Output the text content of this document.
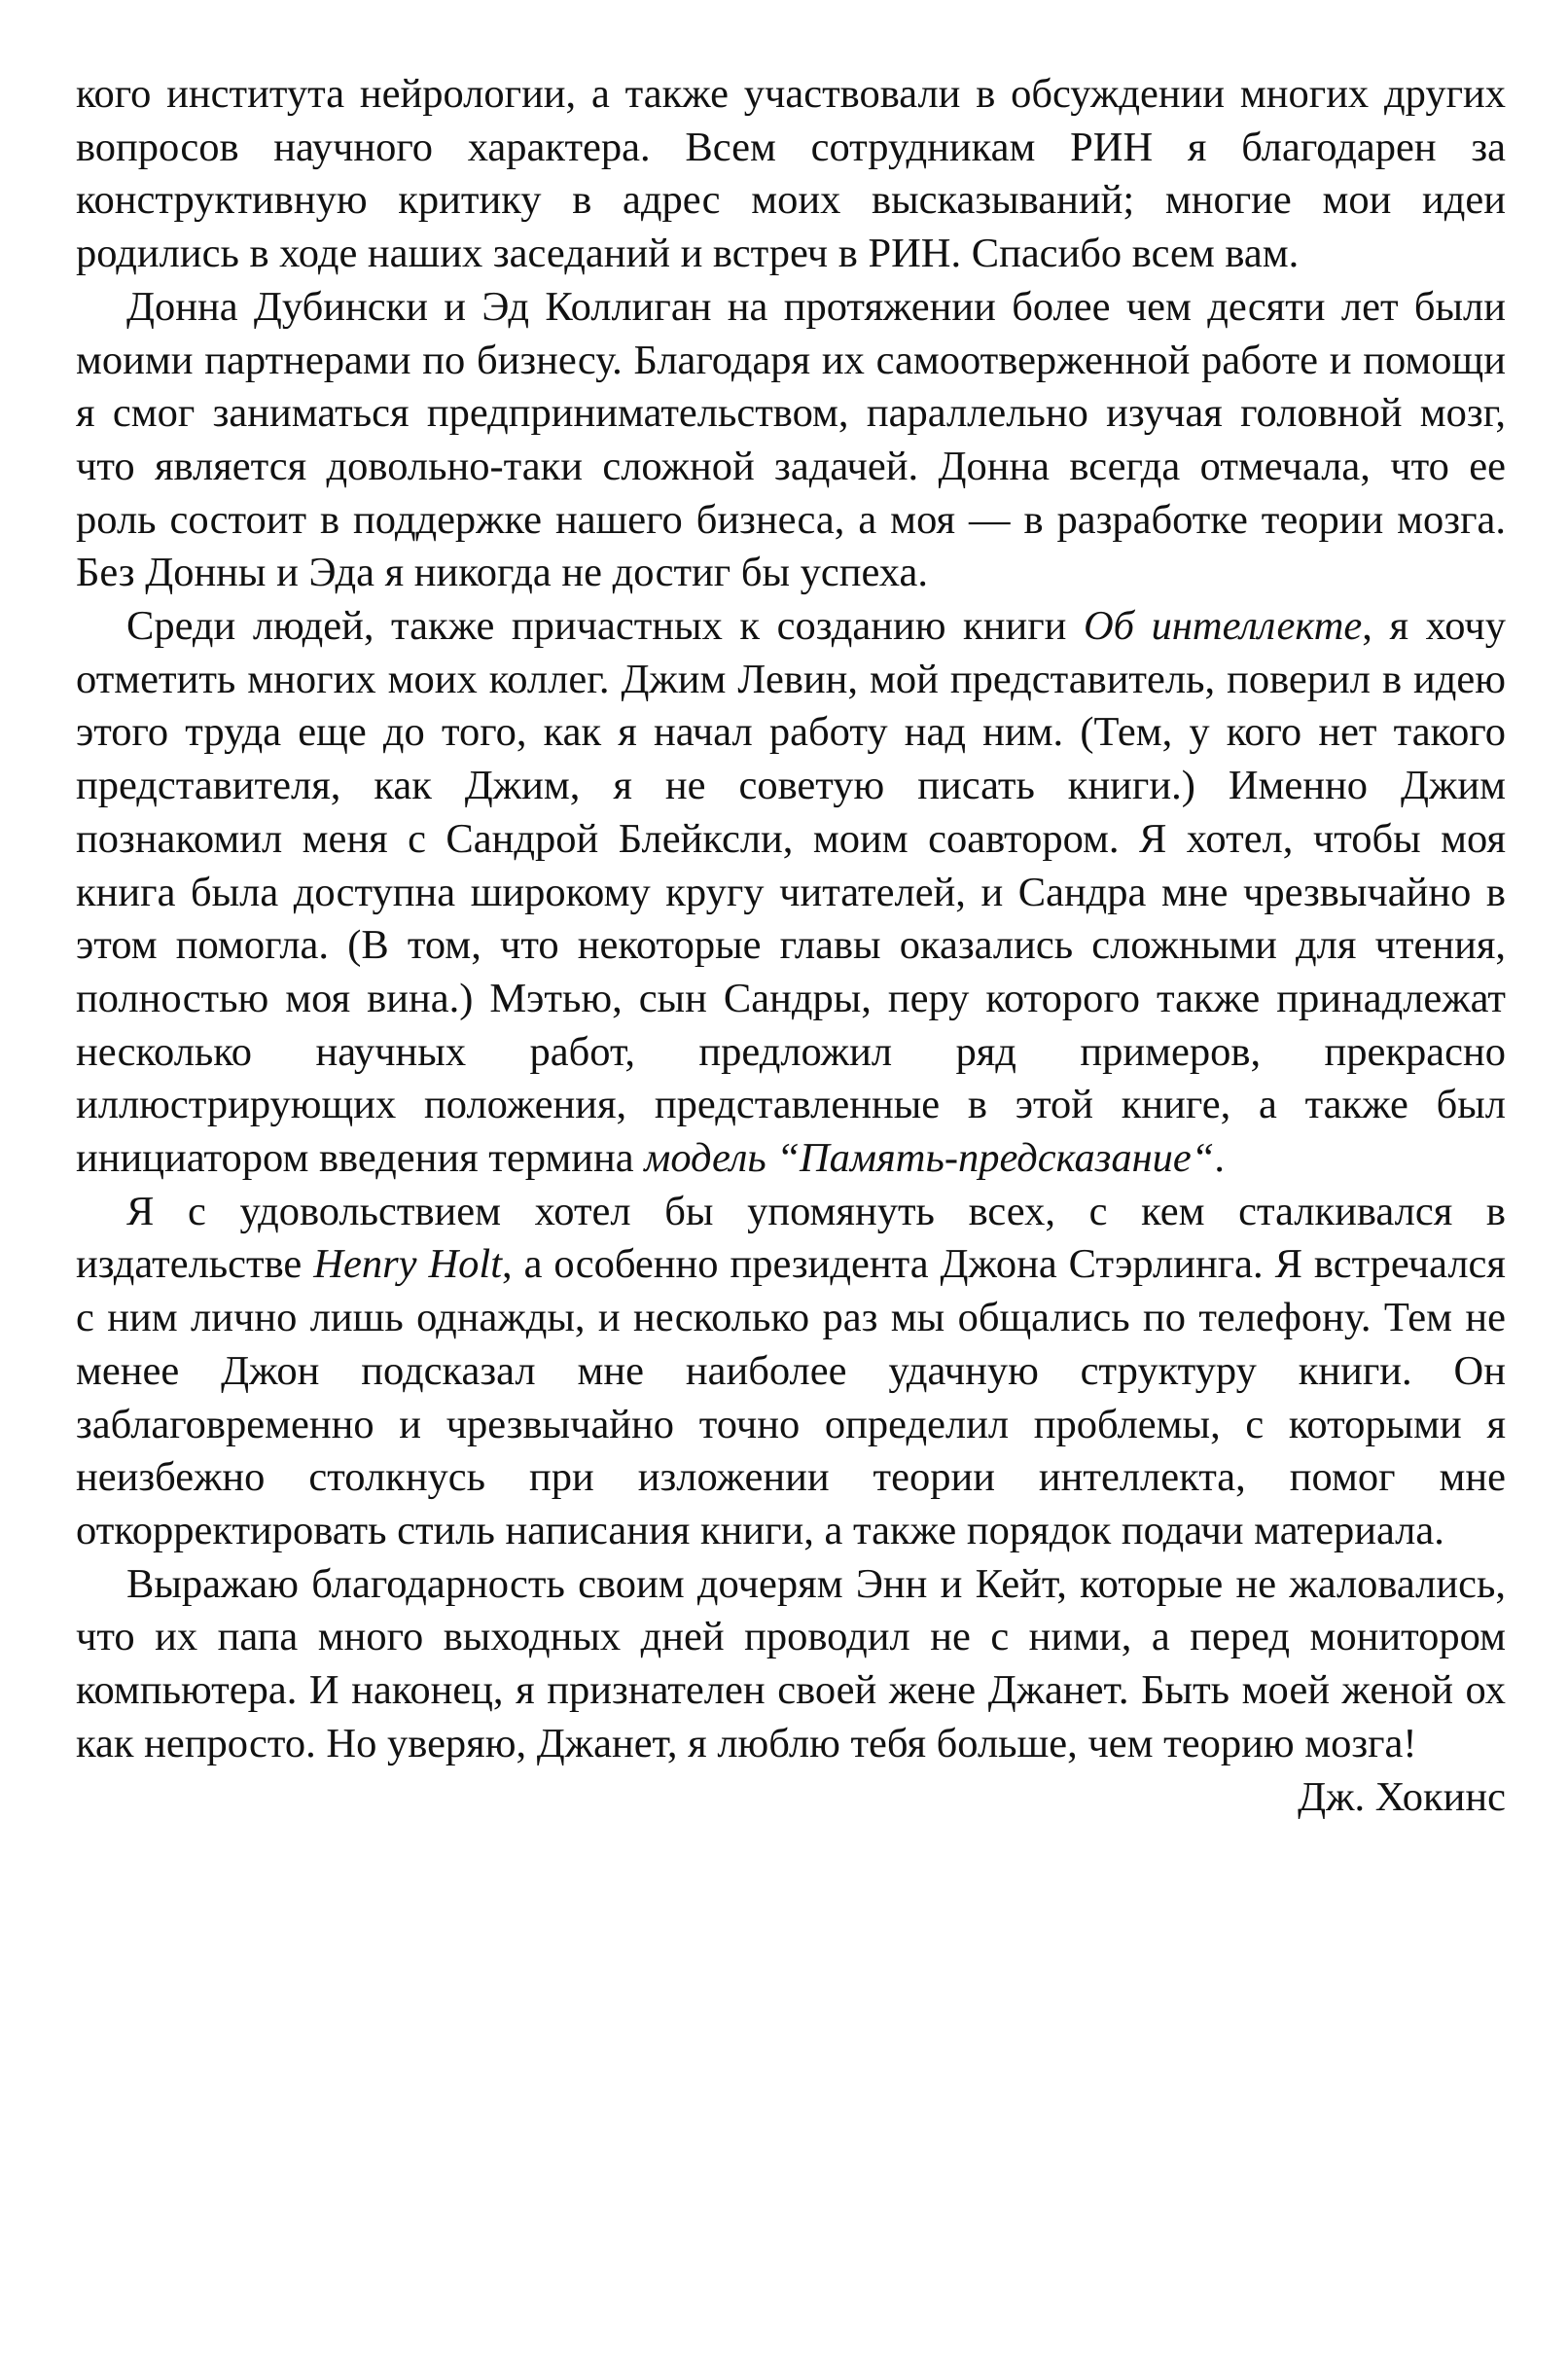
кого института нейрологии, а также участвовали в обсуждении многих других вопросов научного характера. Всем сотрудникам РИН я благодарен за конструктивную критику в адрес моих высказываний; многие мои идеи родились в ходе наших заседаний и встреч в РИН. Спасибо всем вам.

Донна Дубински и Эд Коллиган на протяжении более чем десяти лет были моими партнерами по бизнесу. Благодаря их самоотверженной работе и помощи я смог заниматься предпринимательством, параллельно изучая головной мозг, что является довольно-таки сложной задачей. Донна всегда отмечала, что ее роль состоит в поддержке нашего бизнеса, а моя — в разработке теории мозга. Без Донны и Эда я никогда не достиг бы успеха.

Среди людей, также причастных к созданию книги Об интеллекте, я хочу отметить многих моих коллег. Джим Левин, мой представитель, поверил в идею этого труда еще до того, как я начал работу над ним. (Тем, у кого нет такого представителя, как Джим, я не советую писать книги.) Именно Джим познакомил меня с Сандрой Блейксли, моим соавтором. Я хотел, чтобы моя книга была доступна широкому кругу читателей, и Сандра мне чрезвычайно в этом помогла. (В том, что некоторые главы оказались сложными для чтения, полностью моя вина.) Мэтью, сын Сандры, перу которого также принадлежат несколько научных работ, предложил ряд примеров, прекрасно иллюстрирующих положения, представленные в этой книге, а также был инициатором введения термина модель “Память-предсказание“.

Я с удовольствием хотел бы упомянуть всех, с кем сталкивался в издательстве Henry Holt, а особенно президента Джона Стэрлинга. Я встречался с ним лично лишь однажды, и несколько раз мы общались по телефону. Тем не менее Джон подсказал мне наиболее удачную структуру книги. Он заблаговременно и чрезвычайно точно определил проблемы, с которыми я неизбежно столкнусь при изложении теории интеллекта, помог мне откорректировать стиль написания книги, а также порядок подачи материала.

Выражаю благодарность своим дочерям Энн и Кейт, которые не жаловались, что их папа много выходных дней проводил не с ними, а перед монитором компьютера. И наконец, я признателен своей жене Джанет. Быть моей женой ох как непросто. Но уверяю, Джанет, я люблю тебя больше, чем теорию мозга!

Дж. Хокинс
